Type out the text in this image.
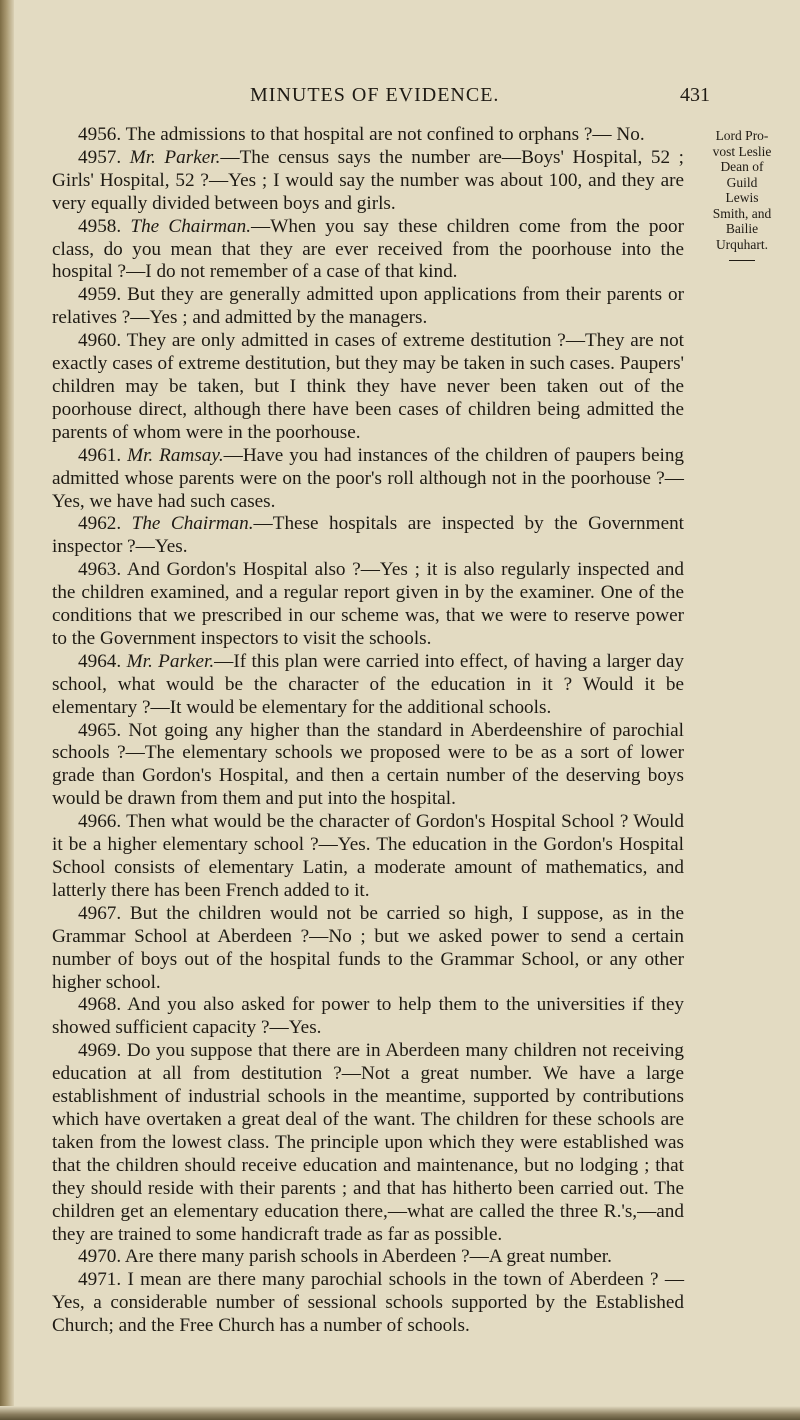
MINUTES OF EVIDENCE.	431
Lord Pro-
vost Leslie
Dean of
Guild
Lewis
Smith, and
Bailie
Urquhart.

4956. The admissions to that hospital are not confined to orphans ?— No.

4957. Mr. Parker.—The census says the number are—Boys' Hospital, 52 ; Girls' Hospital, 52 ?—Yes ; I would say the number was about 100, and they are very equally divided between boys and girls.

4958. The Chairman.—When you say these children come from the poor class, do you mean that they are ever received from the poorhouse into the hospital ?—I do not remember of a case of that kind.

4959. But they are generally admitted upon applications from their parents or relatives ?—Yes ; and admitted by the managers.

4960. They are only admitted in cases of extreme destitution ?—They are not exactly cases of extreme destitution, but they may be taken in such cases. Paupers' children may be taken, but I think they have never been taken out of the poorhouse direct, although there have been cases of children being admitted the parents of whom were in the poorhouse.

4961. Mr. Ramsay.—Have you had instances of the children of paupers being admitted whose parents were on the poor's roll although not in the poorhouse ?—Yes, we have had such cases.

4962. The Chairman.—These hospitals are inspected by the Government inspector ?—Yes.

4963. And Gordon's Hospital also ?—Yes ; it is also regularly inspected and the children examined, and a regular report given in by the examiner. One of the conditions that we prescribed in our scheme was, that we were to reserve power to the Government inspectors to visit the schools.

4964. Mr. Parker.—If this plan were carried into effect, of having a larger day school, what would be the character of the education in it ? Would it be elementary ?—It would be elementary for the additional schools.

4965. Not going any higher than the standard in Aberdeenshire of parochial schools ?—The elementary schools we proposed were to be as a sort of lower grade than Gordon's Hospital, and then a certain number of the deserving boys would be drawn from them and put into the hospital.

4966. Then what would be the character of Gordon's Hospital School ? Would it be a higher elementary school ?—Yes. The education in the Gordon's Hospital School consists of elementary Latin, a moderate amount of mathematics, and latterly there has been French added to it.

4967. But the children would not be carried so high, I suppose, as in the Grammar School at Aberdeen ?—No ; but we asked power to send a certain number of boys out of the hospital funds to the Grammar School, or any other higher school.

4968. And you also asked for power to help them to the universities if they showed sufficient capacity ?—Yes.

4969. Do you suppose that there are in Aberdeen many children not receiving education at all from destitution ?—Not a great number. We have a large establishment of industrial schools in the meantime, supported by contributions which have overtaken a great deal of the want. The children for these schools are taken from the lowest class. The principle upon which they were established was that the children should receive education and maintenance, but no lodging ; that they should reside with their parents ; and that has hitherto been carried out. The children get an elementary education there,—what are called the three R.'s,—and they are trained to some handicraft trade as far as possible.

4970. Are there many parish schools in Aberdeen ?—A great number.

4971. I mean are there many parochial schools in the town of Aberdeen ? —Yes, a considerable number of sessional schools supported by the Established Church; and the Free Church has a number of schools.
